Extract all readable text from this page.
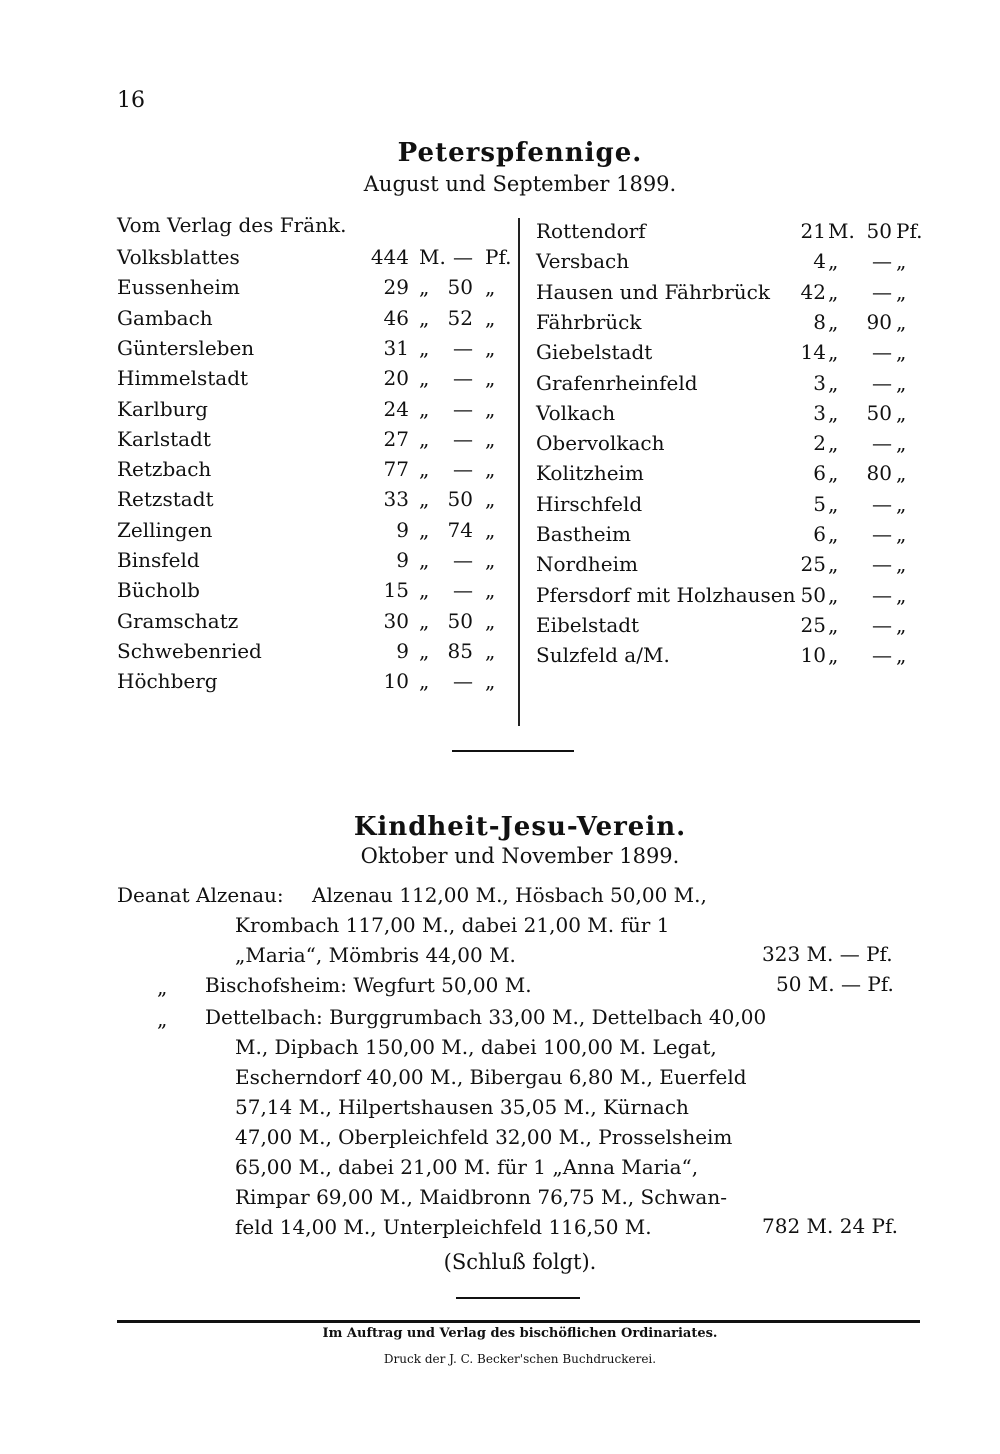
16
Peterspfennige.
August und September 1899.
Vom Verlag des Fränk.
Volksblattes	444 M. — Pf.
Eussenheim	29 „ 50 „
Gambach	46 „ 52 „
Güntersleben	31 „	— „
Himmelstadt	20 „	— „
Karlburg	24 „	— „
Karlstadt	27 „	— „
Retzbach	77 „	— „
Retzstadt	33 „ 50 „
Zellingen	9 „ 74 „
Binsfeld	9 „	— „
Bücholb	15 „	— „
Gramschatz	30 „ 50 „
Schwebenried	9 „ 85 „
Höchberg	10 „	— „
Rottendorf	21 M. 50 Pf.
Versbach	4 „	— „
Hausen und Fährbrück	42 „	— „
Fährbrück	8 „	90 „
Giebelstadt	14 „	— „
Grafenrheinfeld	3 „	— „
Volkach	3 „	50 „
Obervolkach	2 „	— „
Kolitzheim	6 „	80 „
Hirschfeld	5 „	— „
Bastheim	6 „	— „
Nordheim	25 „	— „
Pfersdorf mit Holzhausen 50 „	— „
Eibelstadt	25 „	— „
Sulzfeld a/M.	10 „	— „
Kindheit-Jesu-Verein.
Oktober und November 1899.
Deanat Alzenau: Alzenau 112,00 M., Hösbach 50,00 M.,
Krombach 117,00 M., dabei 21,00 M. für 1
„Maria“, Mömbris 44,00 M.	323 M. — Pf.
„ Bischofsheim: Wegfurt 50,00 M.	50 M. — Pf.
„ Dettelbach: Burggrumbach 33,00 M., Dettelbach 40,00
M., Dipbach 150,00 M., dabei 100,00 M. Legat,
Escherndorf 40,00 M., Bibergau 6,80 M., Euerfeld
57,14 M., Hilpertshausen 35,05 M., Kürnach
47,00 M., Oberpleichfeld 32,00 M., Prosselsheim
65,00 M., dabei 21,00 M. für 1 „Anna Maria“,
Rimpar 69,00 M., Maidbronn 76,75 M., Schwan-
feld 14,00 M., Unterpleichfeld 116,50 M.	782 M. 24 Pf.
(Schluß folgt).
Im Auftrag und Verlag des bischöflichen Ordinariates.
Druck der J. C. Becker'schen Buchdruckerei.
